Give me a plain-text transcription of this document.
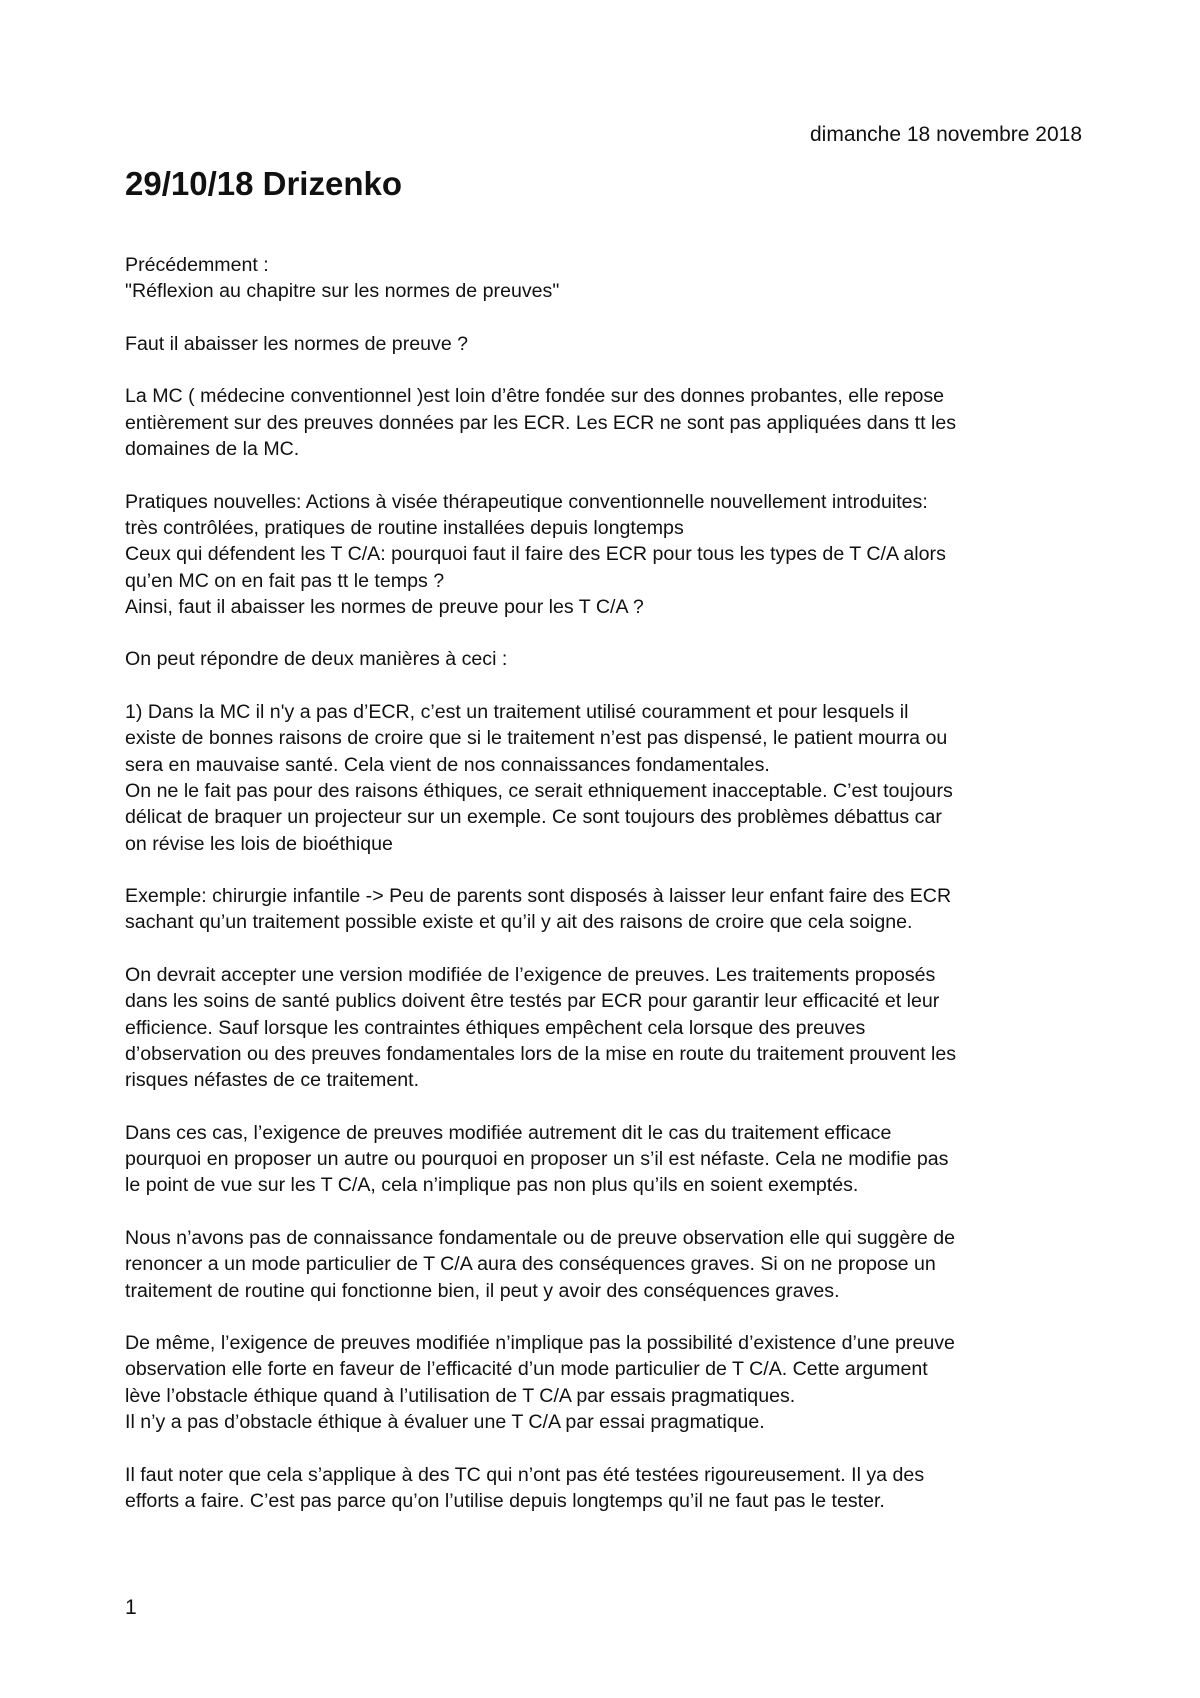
dimanche 18 novembre 2018
29/10/18 Drizenko
Précédemment :
"Réflexion au chapitre sur les normes de preuves"
Faut il abaisser les normes de preuve ?
La MC ( médecine conventionnel )est loin d’être fondée sur des donnes probantes, elle repose
entièrement sur des preuves données par les ECR. Les ECR ne sont pas appliquées dans tt les
domaines de la MC.
Pratiques nouvelles: Actions à visée thérapeutique conventionnelle nouvellement introduites:
très contrôlées, pratiques de routine installées depuis longtemps
Ceux qui défendent les T C/A: pourquoi faut il faire des ECR pour tous les types de T C/A alors
qu’en MC on en fait pas tt le temps ?
Ainsi, faut il abaisser les normes de preuve pour les T C/A ?
On peut répondre de deux manières à ceci :
1) Dans la MC il n'y a pas d’ECR, c’est un traitement utilisé couramment et pour lesquels il
existe de bonnes raisons de croire que si le traitement n’est pas dispensé, le patient mourra ou
sera en mauvaise santé. Cela vient de nos connaissances fondamentales.
On ne le fait pas pour des raisons éthiques, ce serait ethniquement inacceptable. C’est toujours
délicat de braquer un projecteur sur un exemple. Ce sont toujours des problèmes débattus car
on révise les lois de bioéthique
Exemple: chirurgie infantile -> Peu de parents sont disposés à laisser leur enfant faire des ECR
sachant qu’un traitement possible existe et qu’il y ait des raisons de croire que cela soigne.
On devrait accepter une version modifiée de l’exigence de preuves. Les traitements proposés
dans les soins de santé publics doivent être testés par ECR pour garantir leur efficacité et leur
efficience. Sauf lorsque les contraintes éthiques empêchent cela lorsque des preuves
d’observation ou des preuves fondamentales lors de la mise en route du traitement prouvent les
risques néfastes de ce traitement.
Dans ces cas, l’exigence de preuves modifiée autrement dit le cas du traitement efficace
pourquoi en proposer un autre ou pourquoi en proposer un s’il est néfaste. Cela ne modifie pas
le point de vue sur les T C/A, cela n’implique pas non plus qu’ils en soient exemptés.
Nous n’avons pas de connaissance fondamentale ou de preuve observation elle qui suggère de
renoncer a un mode particulier de T C/A aura des conséquences graves. Si on ne propose un
traitement de routine qui fonctionne bien, il peut y avoir des conséquences graves.
De même, l’exigence de preuves modifiée n’implique pas la possibilité d’existence d’une preuve
observation elle forte en faveur de l’efficacité d’un mode particulier de T C/A. Cette argument
lève l’obstacle éthique quand à l’utilisation de T C/A par essais pragmatiques.
Il n’y a pas d’obstacle éthique à évaluer une T C/A par essai pragmatique.
Il faut noter que cela s’applique à des TC qui n’ont pas été testées rigoureusement. Il ya des
efforts a faire. C’est pas parce qu’on l’utilise depuis longtemps qu’il ne faut pas le tester.
1
